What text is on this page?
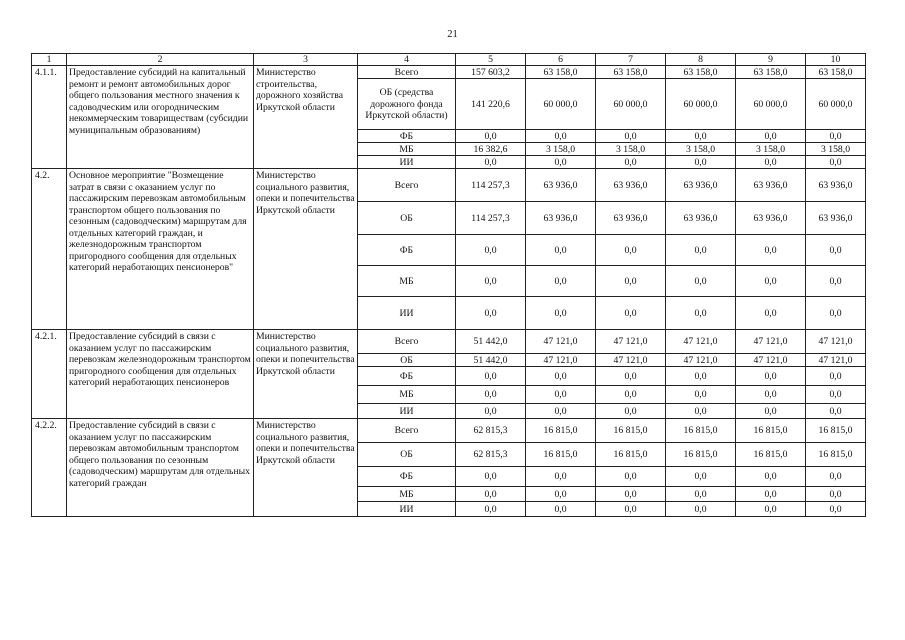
21
1	2	3	4	5	6	7	8	9	10
4.1.1.	Предоставление субсидий на капитальный ремонт и ремонт автомобильных дорог общего пользования местного значения к садоводческим или огородническим некоммерческим товариществам (субсидии муниципальным образованиям)	Министерство строительства, дорожного хозяйства Иркутской области	Всего	157 603,2	63 158,0	63 158,0	63 158,0	63 158,0	63 158,0
			ОБ (средства дорожного фонда Иркутской области)	141 220,6	60 000,0	60 000,0	60 000,0	60 000,0	60 000,0
			ФБ	0,0	0,0	0,0	0,0	0,0	0,0
			МБ	16 382,6	3 158,0	3 158,0	3 158,0	3 158,0	3 158,0
			ИИ	0,0	0,0	0,0	0,0	0,0	0,0
4.2.	Основное мероприятие "Возмещение затрат в связи с оказанием услуг по пассажирским перевозкам автомобильным транспортом общего пользования по сезонным (садоводческим) маршрутам для отдельных категорий граждан, и железнодорожным транспортом пригородного сообщения для отдельных категорий неработающих пенсионеров"	Министерство социального развития, опеки и попечительства Иркутской области	Всего	114 257,3	63 936,0	63 936,0	63 936,0	63 936,0	63 936,0
			ОБ	114 257,3	63 936,0	63 936,0	63 936,0	63 936,0	63 936,0
			ФБ	0,0	0,0	0,0	0,0	0,0	0,0
			МБ	0,0	0,0	0,0	0,0	0,0	0,0
			ИИ	0,0	0,0	0,0	0,0	0,0	0,0
4.2.1.	Предоставление субсидий в связи с оказанием услуг по пассажирским перевозкам железнодорожным транспортом пригородного сообщения для отдельных категорий неработающих пенсионеров	Министерство социального развития, опеки и попечительства Иркутской области	Всего	51 442,0	47 121,0	47 121,0	47 121,0	47 121,0	47 121,0
			ОБ	51 442,0	47 121,0	47 121,0	47 121,0	47 121,0	47 121,0
			ФБ	0,0	0,0	0,0	0,0	0,0	0,0
			МБ	0,0	0,0	0,0	0,0	0,0	0,0
			ИИ	0,0	0,0	0,0	0,0	0,0	0,0
4.2.2.	Предоставление субсидий в связи с оказанием услуг по пассажирским перевозкам автомобильным транспортом общего пользования по сезонным (садоводческим) маршрутам для отдельных категорий граждан	Министерство социального развития, опеки и попечительства Иркутской области	Всего	62 815,3	16 815,0	16 815,0	16 815,0	16 815,0	16 815,0
			ОБ	62 815,3	16 815,0	16 815,0	16 815,0	16 815,0	16 815,0
			ФБ	0,0	0,0	0,0	0,0	0,0	0,0
			МБ	0,0	0,0	0,0	0,0	0,0	0,0
			ИИ	0,0	0,0	0,0	0,0	0,0	0,0
